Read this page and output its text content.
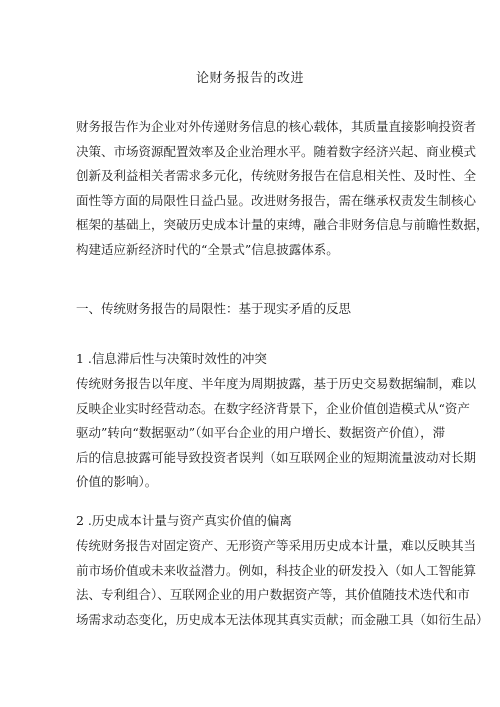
论财务报告的改进
财务报告作为企业对外传递财务信息的核心载体，其质量直接影响投资者
决策、市场资源配置效率及企业治理水平。随着数字经济兴起、商业模式
创新及利益相关者需求多元化，传统财务报告在信息相关性、及时性、全
面性等方面的局限性日益凸显。改进财务报告，需在继承权责发生制核心
框架的基础上，突破历史成本计量的束缚，融合非财务信息与前瞻性数据，
构建适应新经济时代的“全景式”信息披露体系。
一、传统财务报告的局限性：基于现实矛盾的反思
1 .信息滞后性与决策时效性的冲突
传统财务报告以年度、半年度为周期披露，基于历史交易数据编制，难以
反映企业实时经营动态。在数字经济背景下，企业价值创造模式从“资产
驱动”转向“数据驱动”（如平台企业的用户增长、数据资产价值），滞
后的信息披露可能导致投资者误判（如互联网企业的短期流量波动对长期
价值的影响）。
2 .历史成本计量与资产真实价值的偏离
传统财务报告对固定资产、无形资产等采用历史成本计量，难以反映其当
前市场价值或未来收益潜力。例如，科技企业的研发投入（如人工智能算
法、专利组合）、互联网企业的用户数据资产等，其价值随技术迭代和市
场需求动态变化，历史成本无法体现其真实贡献；而金融工具（如衍生品）
